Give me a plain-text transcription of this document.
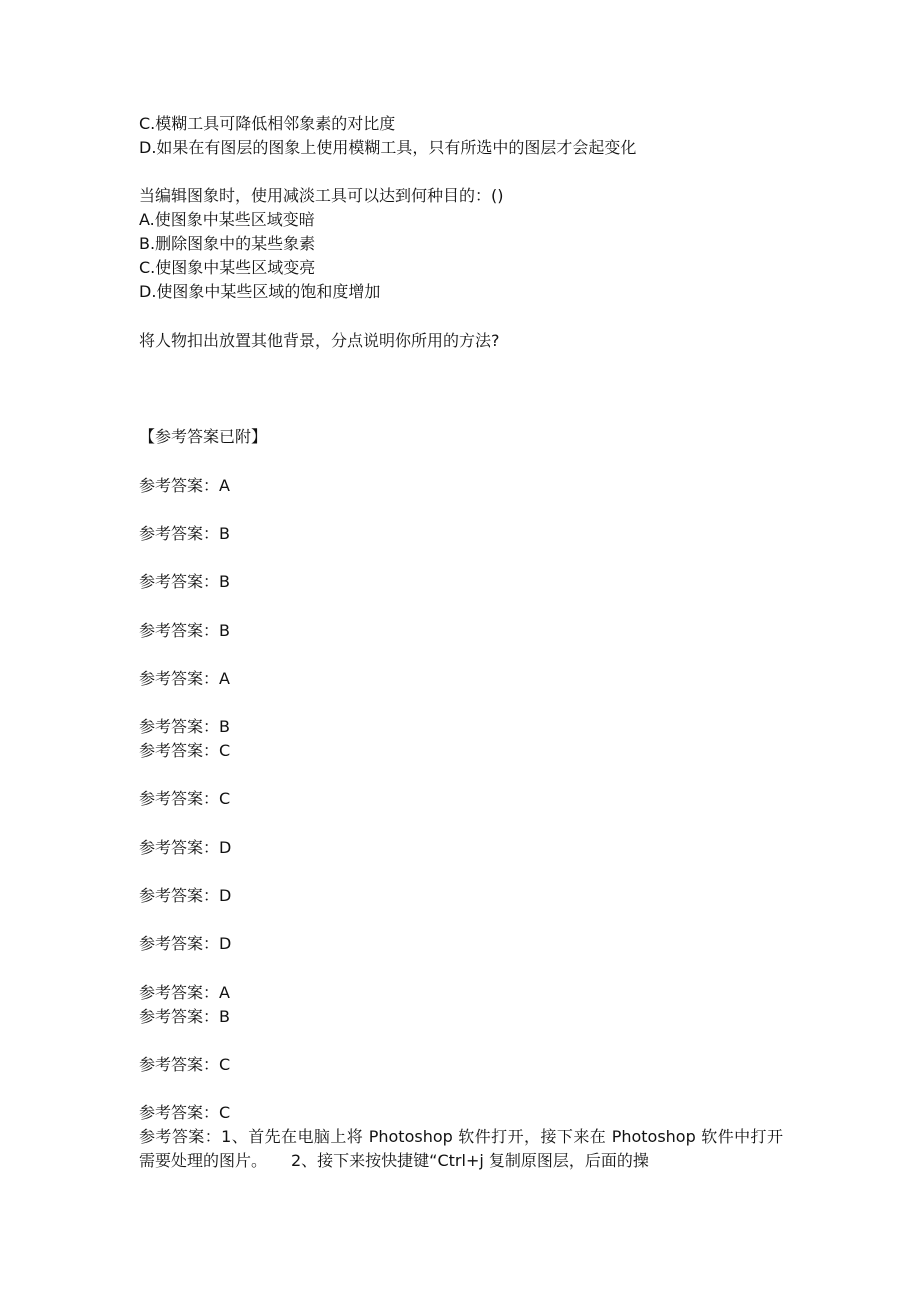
C.模糊工具可降低相邻象素的对比度
D.如果在有图层的图象上使用模糊工具，只有所选中的图层才会起变化
当编辑图象时，使用减淡工具可以达到何种目的：()
A.使图象中某些区域变暗
B.删除图象中的某些象素
C.使图象中某些区域变亮
D.使图象中某些区域的饱和度增加
将人物扣出放置其他背景，分点说明你所用的方法?
【参考答案已附】
参考答案：A
参考答案：B
参考答案：B
参考答案：B
参考答案：A
参考答案：B
参考答案：C
参考答案：C
参考答案：D
参考答案：D
参考答案：D
参考答案：A
参考答案：B
参考答案：C
参考答案：C
参考答案：1、首先在电脑上将 Photoshop 软件打开，接下来在 Photoshop 软件中打开需要处理的图片。　　2、接下来按快捷键“Ctrl+j 复制原图层，后面的操
